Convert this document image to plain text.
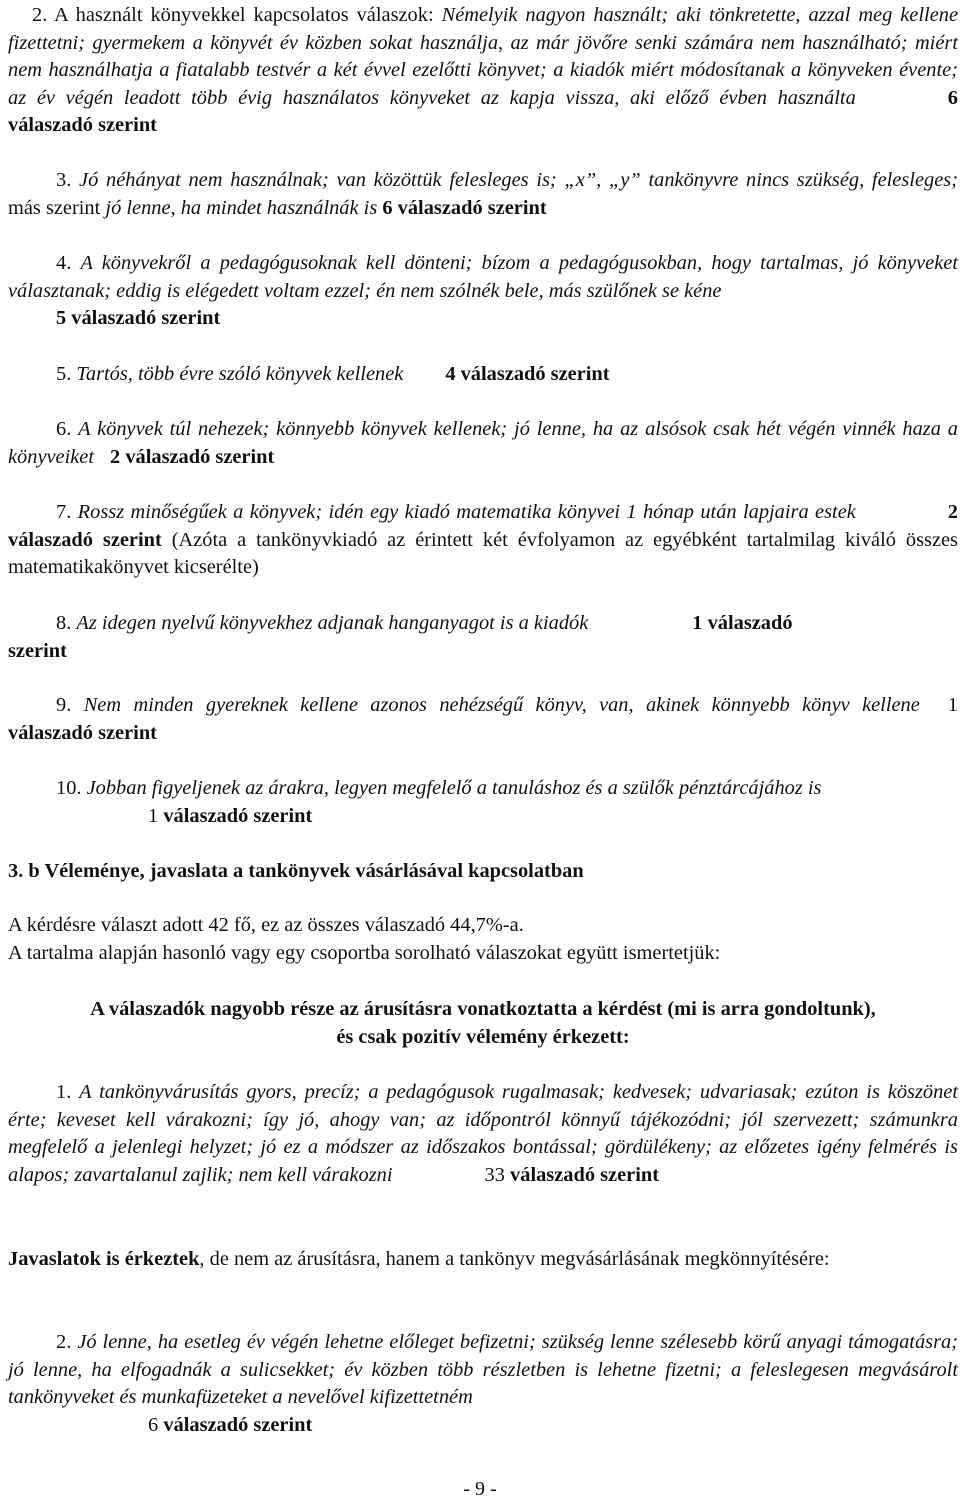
2. A használt könyvekkel kapcsolatos válaszok: Némelyik nagyon használt; aki tönkretette, azzal meg kellene fizettetni; gyermekem a könyvét év közben sokat használja, az már jövőre senki számára nem használható; miért nem használhatja a fiatalabb testvér a két évvel ezelőtti könyvet; a kiadók miért módosítanak a könyveken évente; az év végén leadott több évig használatos könyveket az kapja vissza, aki előző évben használta	6 válaszadó szerint

3. Jó néhányat nem használnak; van közöttük felesleges is; „x”, „y” tankönyvre nincs szükség, felesleges; más szerint jó lenne, ha mindet használnák is 6 válaszadó szerint

4. A könyvekről a pedagógusoknak kell dönteni; bízom a pedagógusokban, hogy tartalmas, jó könyveket választanak; eddig is elégedett voltam ezzel; én nem szólnék bele, más szülőnek se kéne

5 válaszadó szerint

5. Tartós, több évre szóló könyvek kellenek 4 válaszadó szerint

6. A könyvek túl nehezek; könnyebb könyvek kellenek; jó lenne, ha az alsósok csak hét végén vinnék haza a könyveiket 2 válaszadó szerint

7. Rossz minőségűek a könyvek; idén egy kiadó matematika könyvei 1 hónap után lapjaira estek	2 válaszadó szerint (Azóta a tankönyvkiadó az érintett két évfolyamon az egyébként tartalmilag kiváló összes matematikakönyvet kicserélte)

8. Az idegen nyelvű könyvekhez adjanak hanganyagot is a kiadók	1 válaszadó

szerint

9. Nem minden gyereknek kellene azonos nehézségű könyv, van, akinek könnyebb könyv kellene 1 válaszadó szerint

10. Jobban figyeljenek az árakra, legyen megfelelő a tanuláshoz és a szülők pénztárcájához is

1 válaszadó szerint

3. b Véleménye, javaslata a tankönyvek vásárlásával kapcsolatban

A kérdésre választ adott 42 fő, ez az összes válaszadó 44,7%-a.

A tartalma alapján hasonló vagy egy csoportba sorolható válaszokat együtt ismertetjük:

A válaszadók nagyobb része az árusításra vonatkoztatta a kérdést (mi is arra gondoltunk),

és csak pozitív vélemény érkezett:

1. A tankönyvárusítás gyors, precíz; a pedagógusok rugalmasak; kedvesek; udvariasak; ezúton is köszönet érte; keveset kell várakozni; így jó, ahogy van; az időpontról könnyű tájékozódni; jól szervezett; számunkra megfelelő a jelenlegi helyzet; jó ez a módszer az időszakos bontással; gördülékeny; az előzetes igény felmérés is alapos; zavartalanul zajlik; nem kell várakozni	33 válaszadó szerint

Javaslatok is érkeztek, de nem az árusításra, hanem a tankönyv megvásárlásának megkönnyítésére:

2. Jó lenne, ha esetleg év végén lehetne előleget befizetni; szükség lenne szélesebb körű anyagi támogatásra; jó lenne, ha elfogadnák a sulicsekket; év közben több részletben is lehetne fizetni; a feleslegesen megvásárolt tankönyveket és munkafüzeteket a nevelővel kifizettetném

6 válaszadó szerint

- 9 -
